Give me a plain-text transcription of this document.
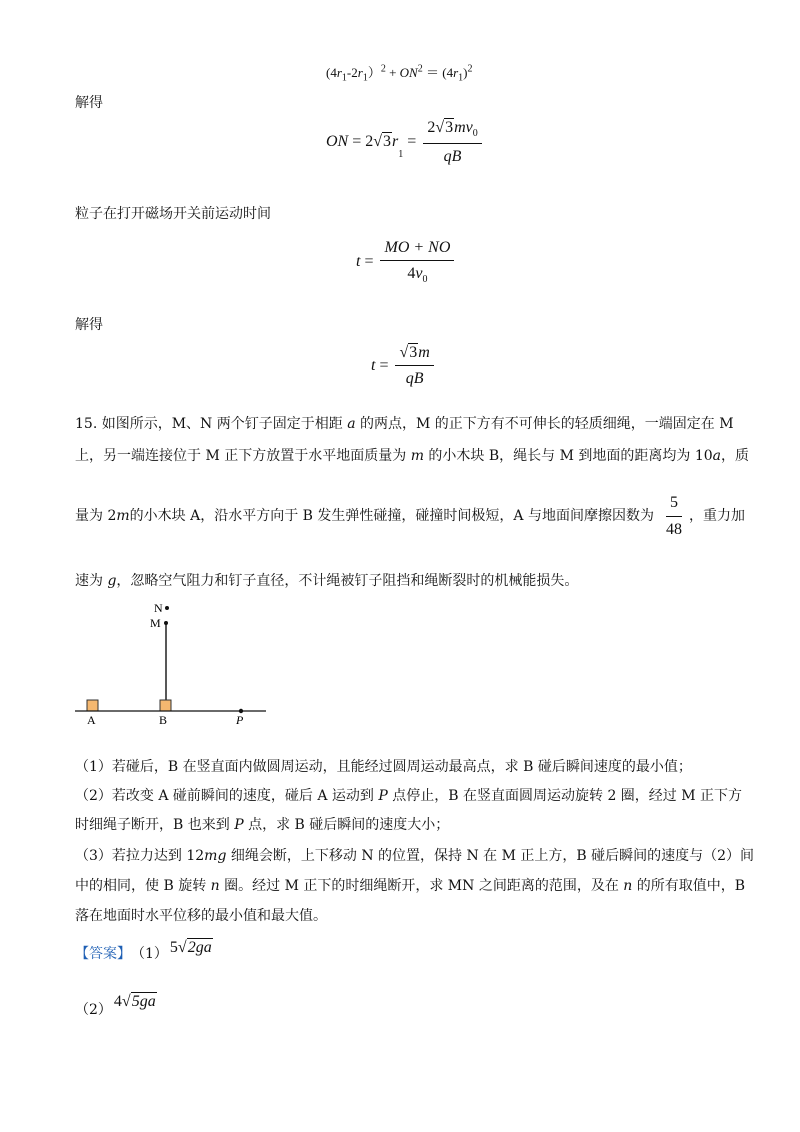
$(4r_1-2r_1)^2 + ON^2 = (4r_1)^2$
解得
ON = 2 √3 r
$_1$
= $\frac{2√3mv_0}{qB}$
粒子在打开磁场开关前运动时间
$t = \frac{MO + NO}{4v_0}$
解得
$t = \frac{√3m}{qB}$
15. 如图所示，M、N 两个钉子固定于相距 a 的两点，M 的正下方有不可伸长的轻质细绳，一端固定在 M
上，另一端连接位于 M 正下方放置于水平地面质量为 m 的小木块 B，绳长与 M 到地面的距离均为 10a，质
量为 2 m 的小木块 A，沿水平方向于 B 发生弹性碰撞，碰撞时间极短，A 与地面间摩擦因数为 $\frac{5}{48}$ ，重力加
速为 g，忽略空气阻力和钉子直径，不计绳被钉子阻挡和绳断裂时的机械能损失。
N
M
A	B	P
（1）若碰后，B 在竖直面内做圆周运动，且能经过圆周运动最高点，求 B 碰后瞬间速度的最小值；
（2）若改变 A 碰前瞬间的速度，碰后 A 运动到 P 点停止，B 在竖直面圆周运动旋转 2 圈，经过 M 正下方
时细绳子断开，B 也来到 P 点，求 B 碰后瞬间的速度大小；
（3）若拉力达到 12mg 细绳会断，上下移动 N 的位置，保持 N 在 M 正上方，B 碰后瞬间的速度与（2）间
中的相同，使 B 旋转 n 圈。经过 M 正下的时细绳断开，求 MN 之间距离的范围，及在 n 的所有取值中，B
落在地面时水平位移的最小值和最大值。
【答案】 （1） 5√2ga
（2） 4√5ga
